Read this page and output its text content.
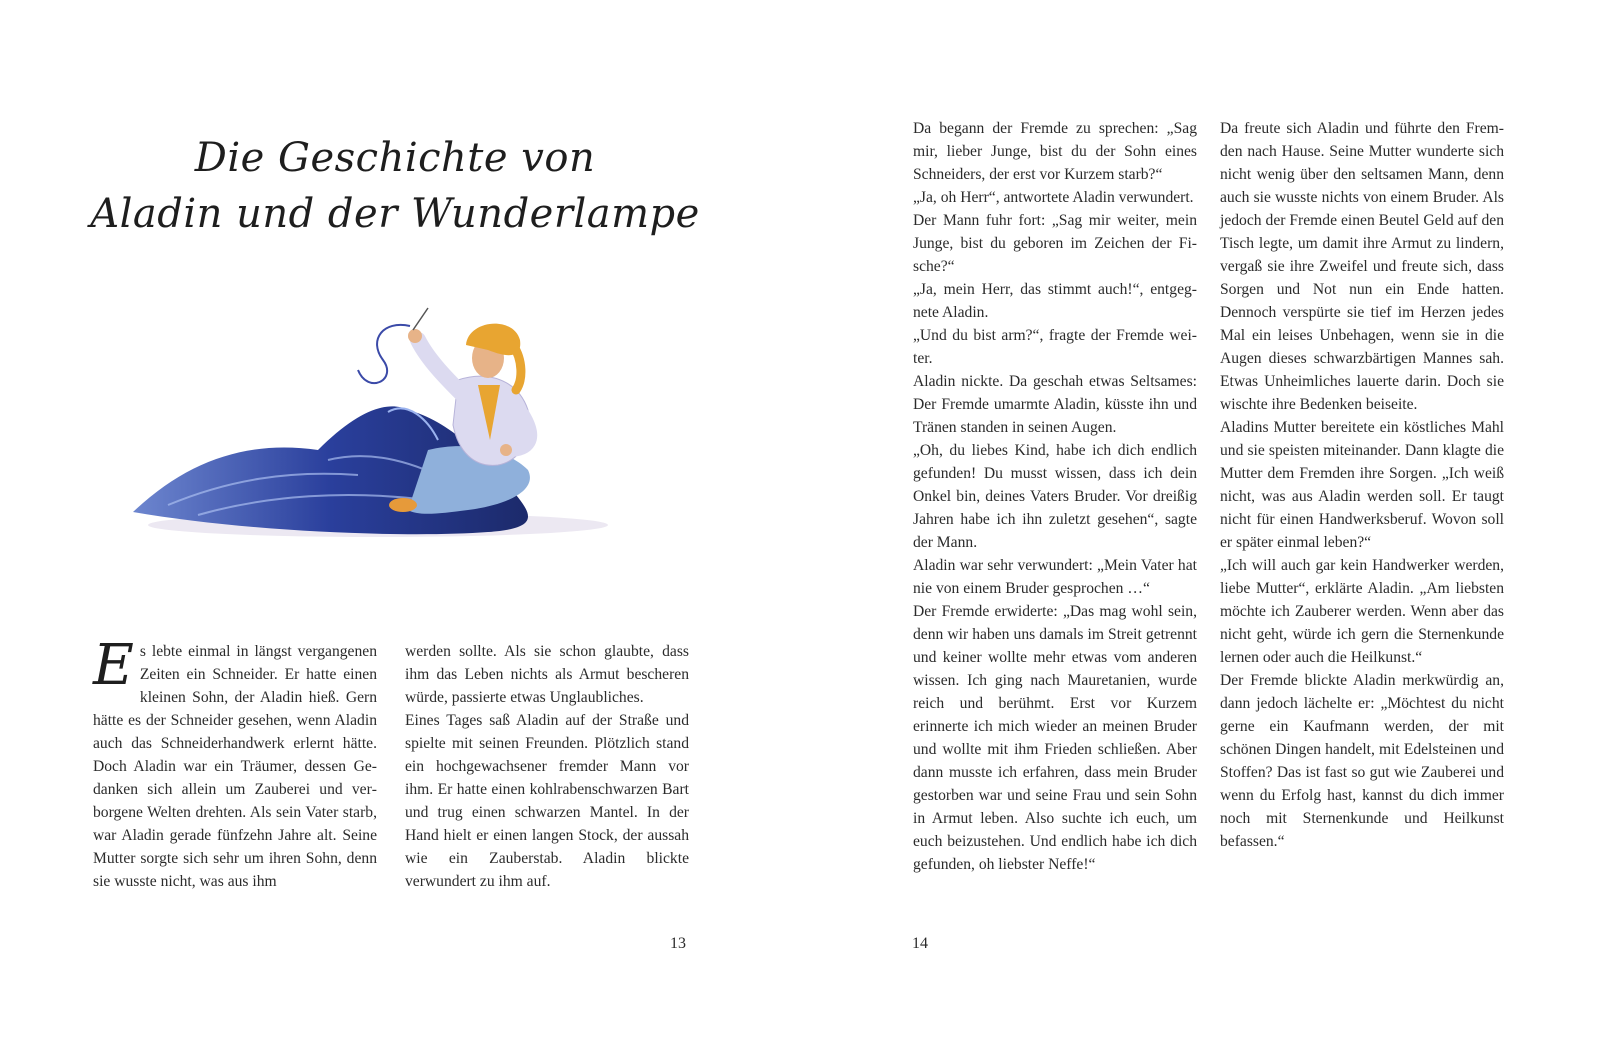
Die Geschichte von
Aladin und der Wunderlampe

Es lebte einmal in längst vergangenen Zeiten ein Schneider. Er hatte einen kleinen Sohn, der Aladin hieß. Gern hätte es der Schneider gesehen, wenn Aladin auch das Schneiderhandwerk erlernt hätte. Doch Aladin war ein Träumer, dessen Gedanken sich allein um Zauberei und verborgene Welten drehten. Als sein Vater starb, war Aladin gerade fünfzehn Jahre alt. Seine Mutter sorgte sich sehr um ihren Sohn, denn sie wusste nicht, was aus ihm

werden sollte. Als sie schon glaubte, dass ihm das Leben nichts als Armut bescheren würde, passierte etwas Unglaubliches.

Eines Tages saß Aladin auf der Straße und spielte mit seinen Freunden. Plötzlich stand ein hochgewachsener fremder Mann vor ihm. Er hatte einen kohlrabenschwarzen Bart und trug einen schwarzen Mantel. In der Hand hielt er einen langen Stock, der aussah wie ein Zauberstab. Aladin blickte verwundert zu ihm auf.

13

Da begann der Fremde zu sprechen: „Sag mir, lieber Junge, bist du der Sohn eines Schneiders, der erst vor Kurzem starb?“

„Ja, oh Herr“, antwortete Aladin verwundert.

Der Mann fuhr fort: „Sag mir weiter, mein Junge, bist du geboren im Zeichen der Fische?“

„Ja, mein Herr, das stimmt auch!“, entgegnete Aladin.

„Und du bist arm?“, fragte der Fremde weiter.

Aladin nickte. Da geschah etwas Seltsames: Der Fremde umarmte Aladin, küsste ihn und Tränen standen in seinen Augen.

„Oh, du liebes Kind, habe ich dich endlich gefunden! Du musst wissen, dass ich dein Onkel bin, deines Vaters Bruder. Vor dreißig Jahren habe ich ihn zuletzt gesehen“, sagte der Mann.

Aladin war sehr verwundert: „Mein Vater hat nie von einem Bruder gesprochen …“

Der Fremde erwiderte: „Das mag wohl sein, denn wir haben uns damals im Streit getrennt und keiner wollte mehr etwas vom anderen wissen. Ich ging nach Mauretanien, wurde reich und berühmt. Erst vor Kurzem erinnerte ich mich wieder an meinen Bruder und wollte mit ihm Frieden schließen. Aber dann musste ich erfahren, dass mein Bruder gestorben war und seine Frau und sein Sohn in Armut leben. Also suchte ich euch, um euch beizustehen. Und endlich habe ich dich gefunden, oh liebster Neffe!“

Da freute sich Aladin und führte den Fremden nach Hause. Seine Mutter wunderte sich nicht wenig über den seltsamen Mann, denn auch sie wusste nichts von einem Bruder. Als jedoch der Fremde einen Beutel Geld auf den Tisch legte, um damit ihre Armut zu lindern, vergaß sie ihre Zweifel und freute sich, dass Sorgen und Not nun ein Ende hatten. Dennoch verspürte sie tief im Herzen jedes Mal ein leises Unbehagen, wenn sie in die Augen dieses schwarzbärtigen Mannes sah. Etwas Unheimliches lauerte darin. Doch sie wischte ihre Bedenken beiseite.

Aladins Mutter bereitete ein köstliches Mahl und sie speisten miteinander. Dann klagte die Mutter dem Fremden ihre Sorgen. „Ich weiß nicht, was aus Aladin werden soll. Er taugt nicht für einen Handwerksberuf. Wovon soll er später einmal leben?“

„Ich will auch gar kein Handwerker werden, liebe Mutter“, erklärte Aladin. „Am liebsten möchte ich Zauberer werden. Wenn aber das nicht geht, würde ich gern die Sternenkunde lernen oder auch die Heilkunst.“

Der Fremde blickte Aladin merkwürdig an, dann jedoch lächelte er: „Möchtest du nicht gerne ein Kaufmann werden, der mit schönen Dingen handelt, mit Edelsteinen und Stoffen? Das ist fast so gut wie Zauberei und wenn du Erfolg hast, kannst du dich immer noch mit Sternenkunde und Heilkunst befassen.“

14
